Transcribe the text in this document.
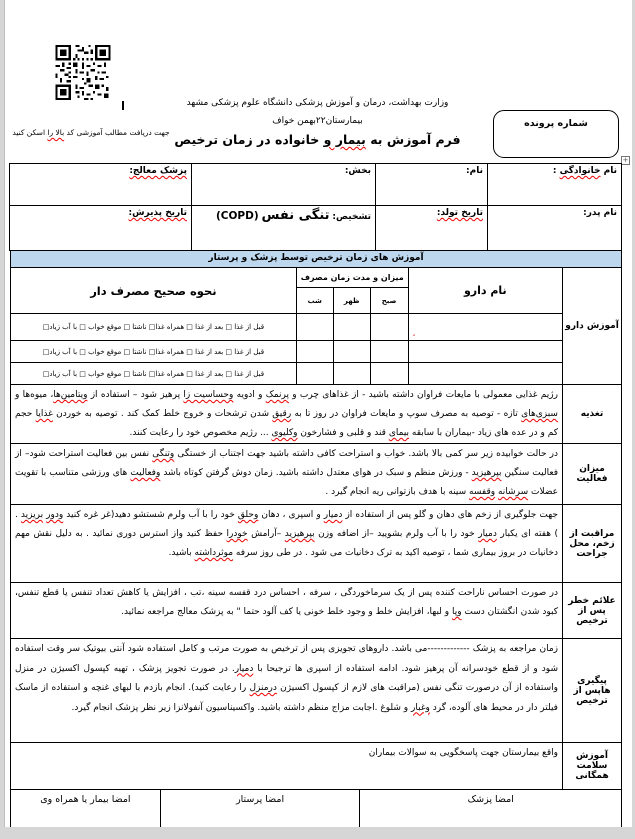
جهت دریافت مطالب آموزشی کد بالا را اسکن کنید
وزارت بهداشت، درمان و آموزش پزشکی دانشگاه علوم پزشکی مشهد
بیمارستان۲۲بهمن خواف
فرم آموزش به بیمار و خانواده در زمان ترخیص
شماره پرونده
+
نام خانوادگی :	نام:	بخش:	پزشک معالج:
نام پدر:	تاریخ تولد:	تشخیص: تنگی نفس (COPD)	تاریخ پذیرش:
آموزش های زمان ترخیص توسط پزشک و پرستار
آموزش دارو	نام دارو	میزان و مدت زمان مصرف			نحوه صحیح مصرف دار
		صبح	ظهر	شب	
	،				قبل از غذا □ بعد از غذا □ همراه غذا□ ناشتا □ موقع خواب □ با آب زیاد□
					قبل از غذا □ بعد از غذا □ همراه غذا□ ناشتا □ موقع خواب □ با آب زیاد□
					قبل از غذا □ بعد از غذا □ همراه غذا□ ناشتا □ موقع خواب □ با آب زیاد□
تغذیه
رژیم غذایی معمولی با مایعات فراوان داشته باشید - از غذاهای چرب و پرنمک و ادویه وحساسیت زا پرهیز شود – استفاده از ویتامین‌ها، میوه‌ها و سبزی‌های تازه - توصیه به مصرف سوپ و مایعات فراوان در روز تا به رقیق شدن ترشحات و خروج خلط کمک کند . توصیه به خوردن غذایا حجم کم و در عده های زیاد -بیماران با سابقه بیمای قند و قلبی و فشارخون وکلیوی ... رژیم مخصوص خود را رعایت کنند.
میزان فعالیت
در حالت خوابیده زیر سر کمی بالا باشد. خواب و استراحت کافی داشته باشید جهت اجتناب از خستگی وتنگی نفس بین فعالیت استراحت شود– از فعالیت سنگین بپرهیزید - ورزش منظم و سبک در هوای معتدل داشته باشید. زمان دوش گرفتن کوتاه باشد وفعالیت های ورزشی متناسب با تقویت عضلات سرشانه وقفسه سینه با هدف بازتوانی ریه انجام گیرد .
مراقبت از زخم، محل جراحت
جهت جلوگیری از زخم های دهان و گلو پس از استفاده از دمیار و اسپری ، دهان وحلق خود را با آب ولرم شستشو دهید(غر غره کنید ودور بریزید . ) هفته ای یکبار دمیار خود را با آب ولرم بشویید –از اضافه وزن بپرهیزید –آرامش خودرا حفظ کنید واز استرس دوری نمائید . به دلیل نقش مهم دخانیات در بروز بیماری شما ، توصیه اکید به ترک دخانیات می شود . در طی روز سرفه موثرداشته باشید.
علائم خطر پس از ترخیص
در صورت احساس ناراحت کننده پس از یک سرماخوردگی ، سرفه ، احساس درد قفسه سینه ،تب ، افزایش یا کاهش تعداد تنفس یا قطع تنفس، کبود شدن انگشتان دست وپا و لبها، افزایش خلط و وجود خلط خونی یا کف آلود حتما " به پزشک معالج مراجعه نمائید.
پیگیری هاپس از ترخیص
زمان مراجعه به پزشک -------------می باشد. داروهای تجویزی پس از ترخیص به صورت مرتب و کامل استفاده شود آنتی بیوتیک سر وقت استفاده شود و از قطع خودسرانه آن پرهیز شود. ادامه استفاده از اسپری ها ترجیحا با دمیار. در صورت تجویز پزشک ، تهیه کپسول اکسیژن در منزل واستفاده از آن درصورت تنگی نفس (مراقبت های لازم از کپسول اکسیژن درمنزل را رعایت کنید). انجام بازدم با لبهای غنچه و استفاده از ماسک فیلتر دار در محیط های آلوده، گرد وغبار و شلوغ .اجابت مزاج منظم داشته باشید. واکسیناسیون آنفولانزا زیر نظر پزشک انجام گیرد.
آموزش سلامت همگانی
واقع بیمارستان جهت پاسخگویی به سوالات بیماران
امضا پزشک	امضا پرستار	امضا بیمار یا همراه وی
